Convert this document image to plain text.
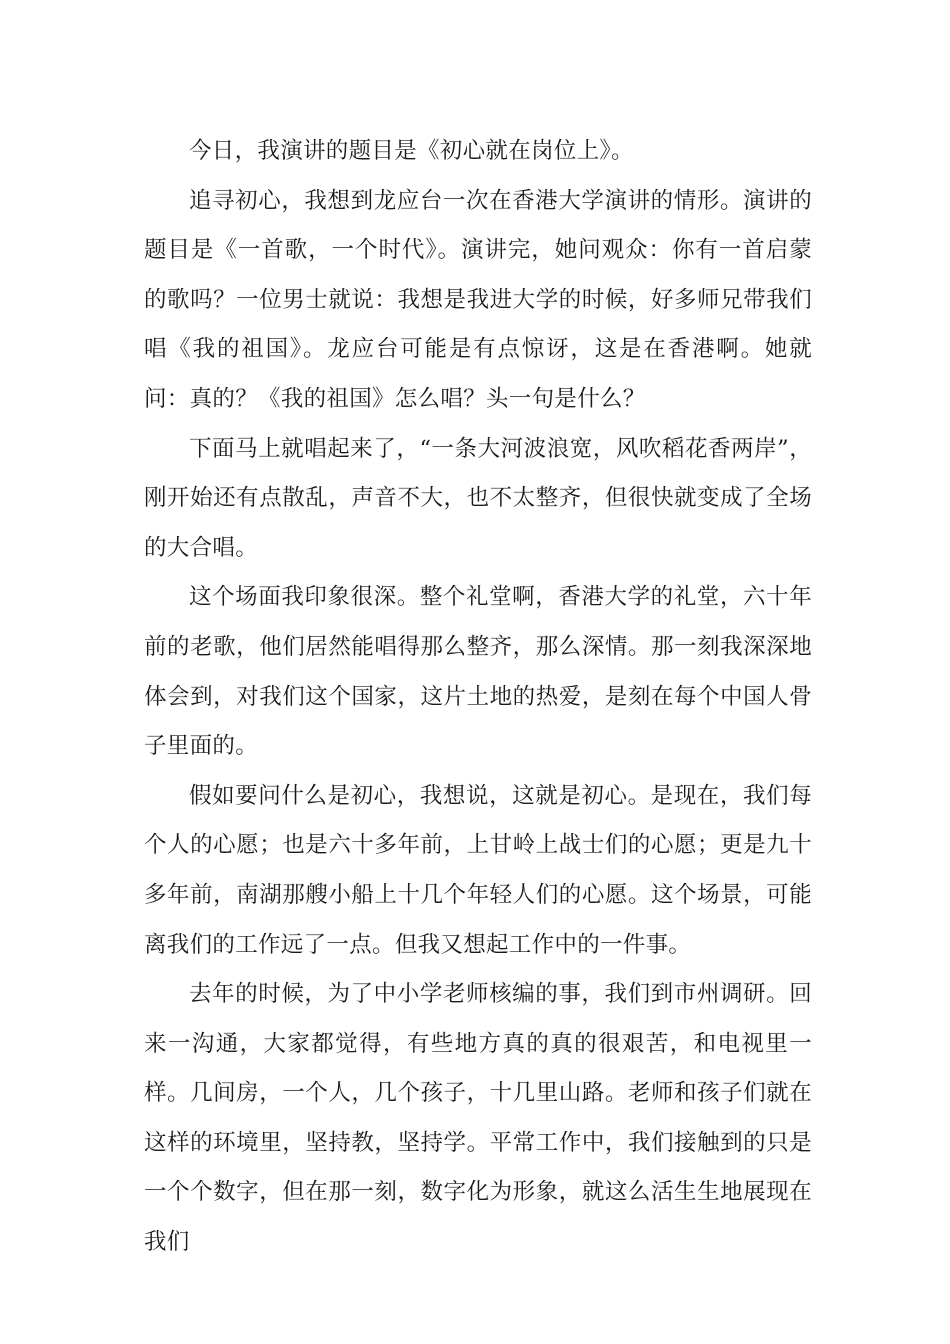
今日，我演讲的题目是《初心就在岗位上》。

追寻初心，我想到龙应台一次在香港大学演讲的情形。演讲的题目是《一首歌，一个时代》。演讲完，她问观众：你有一首启蒙的歌吗？一位男士就说：我想是我进大学的时候，好多师兄带我们唱《我的祖国》。龙应台可能是有点惊讶，这是在香港啊。她就问：真的？《我的祖国》怎么唱？头一句是什么？

下面马上就唱起来了，“一条大河波浪宽，风吹稻花香两岸”，刚开始还有点散乱，声音不大，也不太整齐，但很快就变成了全场的大合唱。

这个场面我印象很深。整个礼堂啊，香港大学的礼堂，六十年前的老歌，他们居然能唱得那么整齐，那么深情。那一刻我深深地体会到，对我们这个国家，这片土地的热爱，是刻在每个中国人骨子里面的。

假如要问什么是初心，我想说，这就是初心。是现在，我们每个人的心愿；也是六十多年前，上甘岭上战士们的心愿；更是九十多年前，南湖那艘小船上十几个年轻人们的心愿。这个场景，可能离我们的工作远了一点。但我又想起工作中的一件事。

去年的时候，为了中小学老师核编的事，我们到市州调研。回来一沟通，大家都觉得，有些地方真的真的很艰苦，和电视里一样。几间房，一个人，几个孩子，十几里山路。老师和孩子们就在这样的环境里，坚持教，坚持学。平常工作中，我们接触到的只是一个个数字，但在那一刻，数字化为形象，就这么活生生地展现在我们
